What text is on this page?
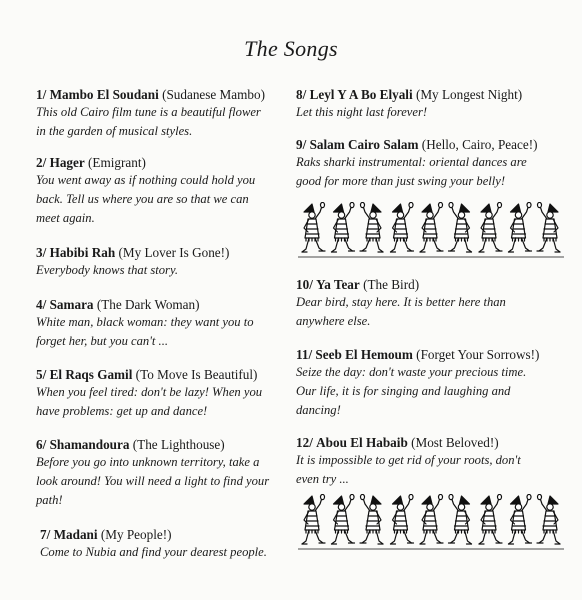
The Songs
1/ Mambo El Soudani (Sudanese Mambo)
This old Cairo film tune is a beautiful flower
in the garden of musical styles.
2/ Hager (Emigrant)
You went away as if nothing could hold you
back. Tell us where you are so that we can
meet again.
3/ Habibi Rah (My Lover Is Gone!)
Everybody knows that story.
4/ Samara (The Dark Woman)
White man, black woman: they want you to
forget her, but you can't ...
5/ El Raqs Gamil (To Move Is Beautiful)
When you feel tired: don't be lazy! When you
have problems: get up and dance!
6/ Shamandoura (The Lighthouse)
Before you go into unknown territory, take a
look around! You will need a light to find your
path!
7/ Madani (My People!)
Come to Nubia and find your dearest people.
8/ Leyl Y A Bo Elyali (My Longest Night)
Let this night last forever!
9/ Salam Cairo Salam (Hello, Cairo, Peace!)
Raks sharki instrumental: oriental dances are
good for more than just swing your belly!
10/ Ya Tear (The Bird)
Dear bird, stay here. It is better here than
anywhere else.
11/ Seeb El Hemoum (Forget Your Sorrows!)
Seize the day: don't waste your precious time.
Our life, it is for singing and laughing and
dancing!
12/ Abou El Habaib (Most Beloved!)
It is impossible to get rid of your roots, don't
even try ...
